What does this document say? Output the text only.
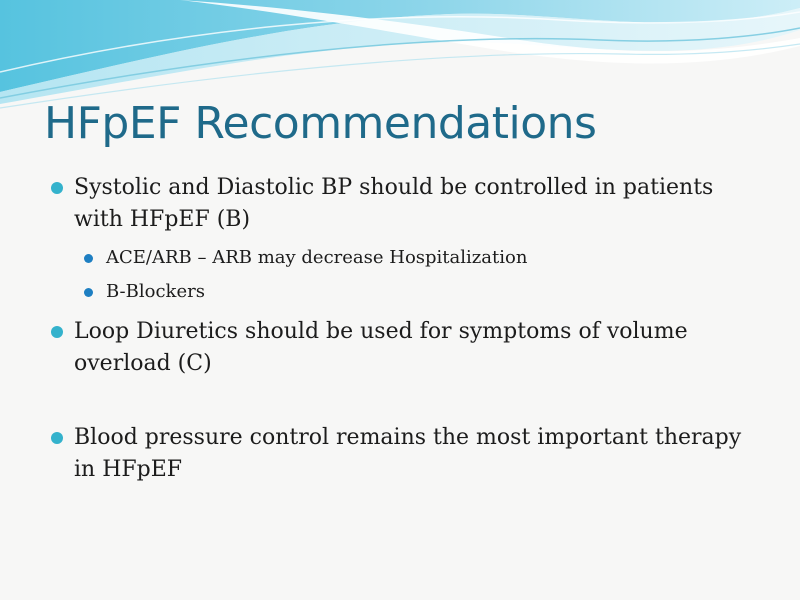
HFpEF Recommendations
Systolic and Diastolic BP should be controlled in patients with HFpEF (B)
ACE/ARB – ARB may decrease Hospitalization
B-Blockers
Loop Diuretics should be used for symptoms of volume overload (C)
Blood pressure control remains the most important therapy in HFpEF
